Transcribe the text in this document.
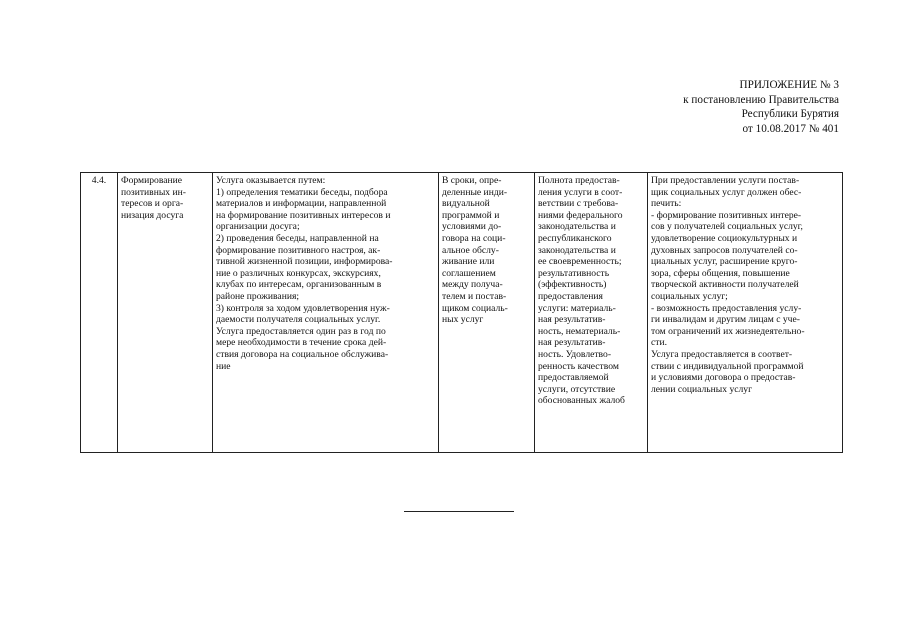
ПРИЛОЖЕНИЕ № 3
к постановлению Правительства
Республики Бурятия
от 10.08.2017 № 401
4.4.	Формирование позитивных ин-
тересов и орга-
низация досуга

Услуга оказывается путем:
1) определения тематики беседы, подбора
материалов и информации, направленной
на формирование позитивных интересов и
организации досуга;
2) проведения беседы, направленной на
формирование позитивного настроя, ак-
тивной жизненной позиции, информирова-
ние о различных конкурсах, экскурсиях,
клубах по интересам, организованным в
районе проживания;
3) контроля за ходом удовлетворения нуж-
даемости получателя социальных услуг.
Услуга предоставляется один раз в год по
мере необходимости в течение срока дей-
ствия договора на социальное обслужива-
ние

В сроки, опре-
деленные инди-
видуальной
программой и
условиями до-
говора на соци-
альное обслу-
живание или
соглашением
между получа-
телем и постав-
щиком социаль-
ных услуг

Полнота предостав-
ления услуги в соот-
ветствии с требова-
ниями федерального
законодательства и
республиканского
законодательства и
ее своевременность;
результативность
(эффективность)
предоставления
услуги: материаль-
ная результатив-
ность, нематериаль-
ная результатив-
ность. Удовлетво-
ренность качеством
предоставляемой
услуги, отсутствие
обоснованных жалоб

При предоставлении услуги постав-
щик социальных услуг должен обес-
печить:
- формирование позитивных интере-
сов у получателей социальных услуг,
удовлетворение социокультурных и
духовных запросов получателей со-
циальных услуг, расширение круго-
зора, сферы общения, повышение
творческой активности получателей
социальных услуг;
- возможность предоставления услу-
ги инвалидам и другим лицам с уче-
том ограничений их жизнедеятельно-
сти.
Услуга предоставляется в соответ-
ствии с индивидуальной программой
и условиями договора о предостав-
лении социальных услуг
